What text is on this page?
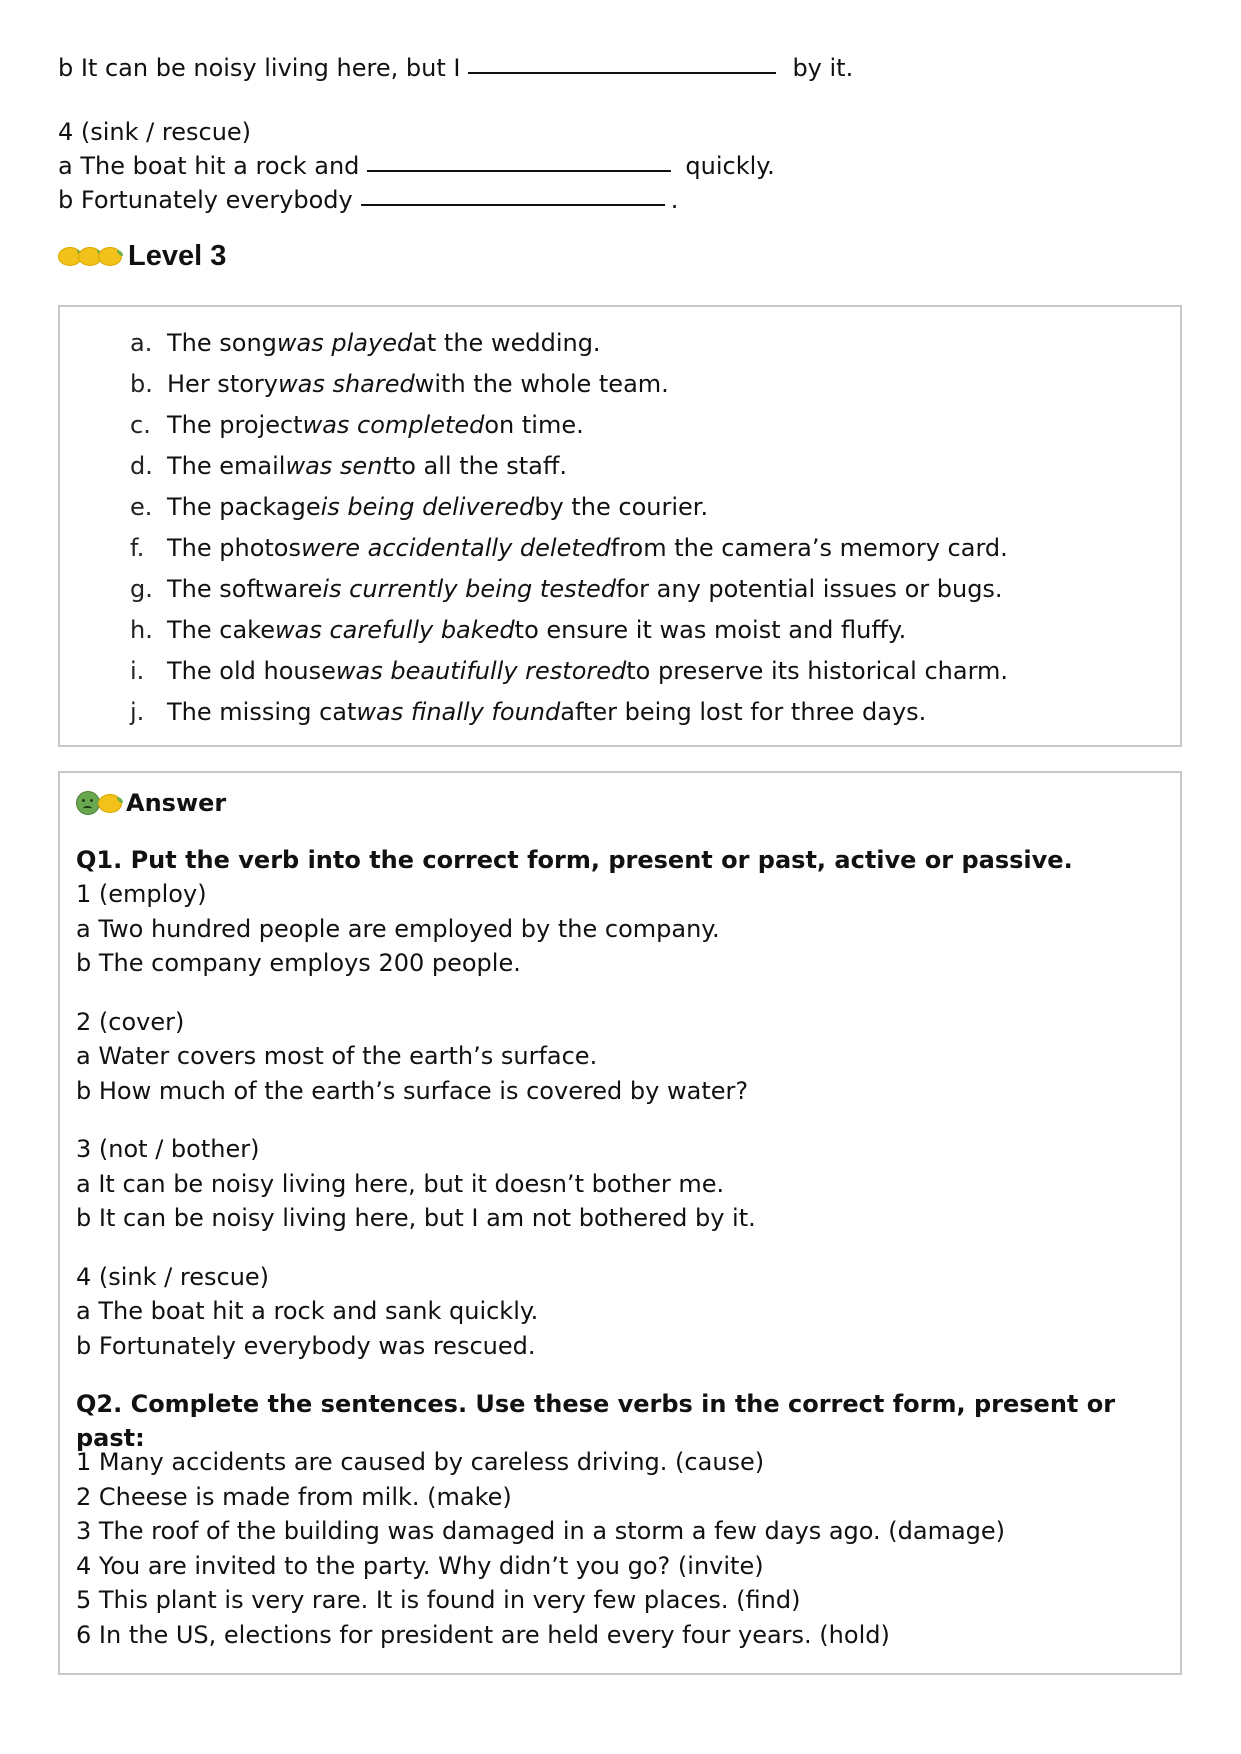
b It can be noisy living here, but I	by it.
4 (sink / rescue)
a The boat hit a rock and	quickly.
b Fortunately everybody	.
Level 3
a. The song was played at the wedding.
b. Her story was shared with the whole team.
c. The project was completed on time.
d. The email was sent to all the staff.
e. The package is being delivered by the courier.
f. The photos were accidentally deleted from the camera’s memory card.
g. The software is currently being tested for any potential issues or bugs.
h. The cake was carefully baked to ensure it was moist and fluffy.
i. The old house was beautifully restored to preserve its historical charm.
j. The missing cat was finally found after being lost for three days.
Answer
Q1. Put the verb into the correct form, present or past, active or passive.
1 (employ)
a Two hundred people are employed by the company.
b The company employs 200 people.
2 (cover)
a Water covers most of the earth’s surface.
b How much of the earth’s surface is covered by water?
3 (not / bother)
a It can be noisy living here, but it doesn’t bother me.
b It can be noisy living here, but I am not bothered by it.
4 (sink / rescue)
a The boat hit a rock and sank quickly.
b Fortunately everybody was rescued.
Q2. Complete the sentences. Use these verbs in the correct form, present or past:
1 Many accidents are caused by careless driving. (cause)
2 Cheese is made from milk. (make)
3 The roof of the building was damaged in a storm a few days ago. (damage)
4 You are invited to the party. Why didn’t you go? (invite)
5 This plant is very rare. It is found in very few places. (find)
6 In the US, elections for president are held every four years. (hold)
